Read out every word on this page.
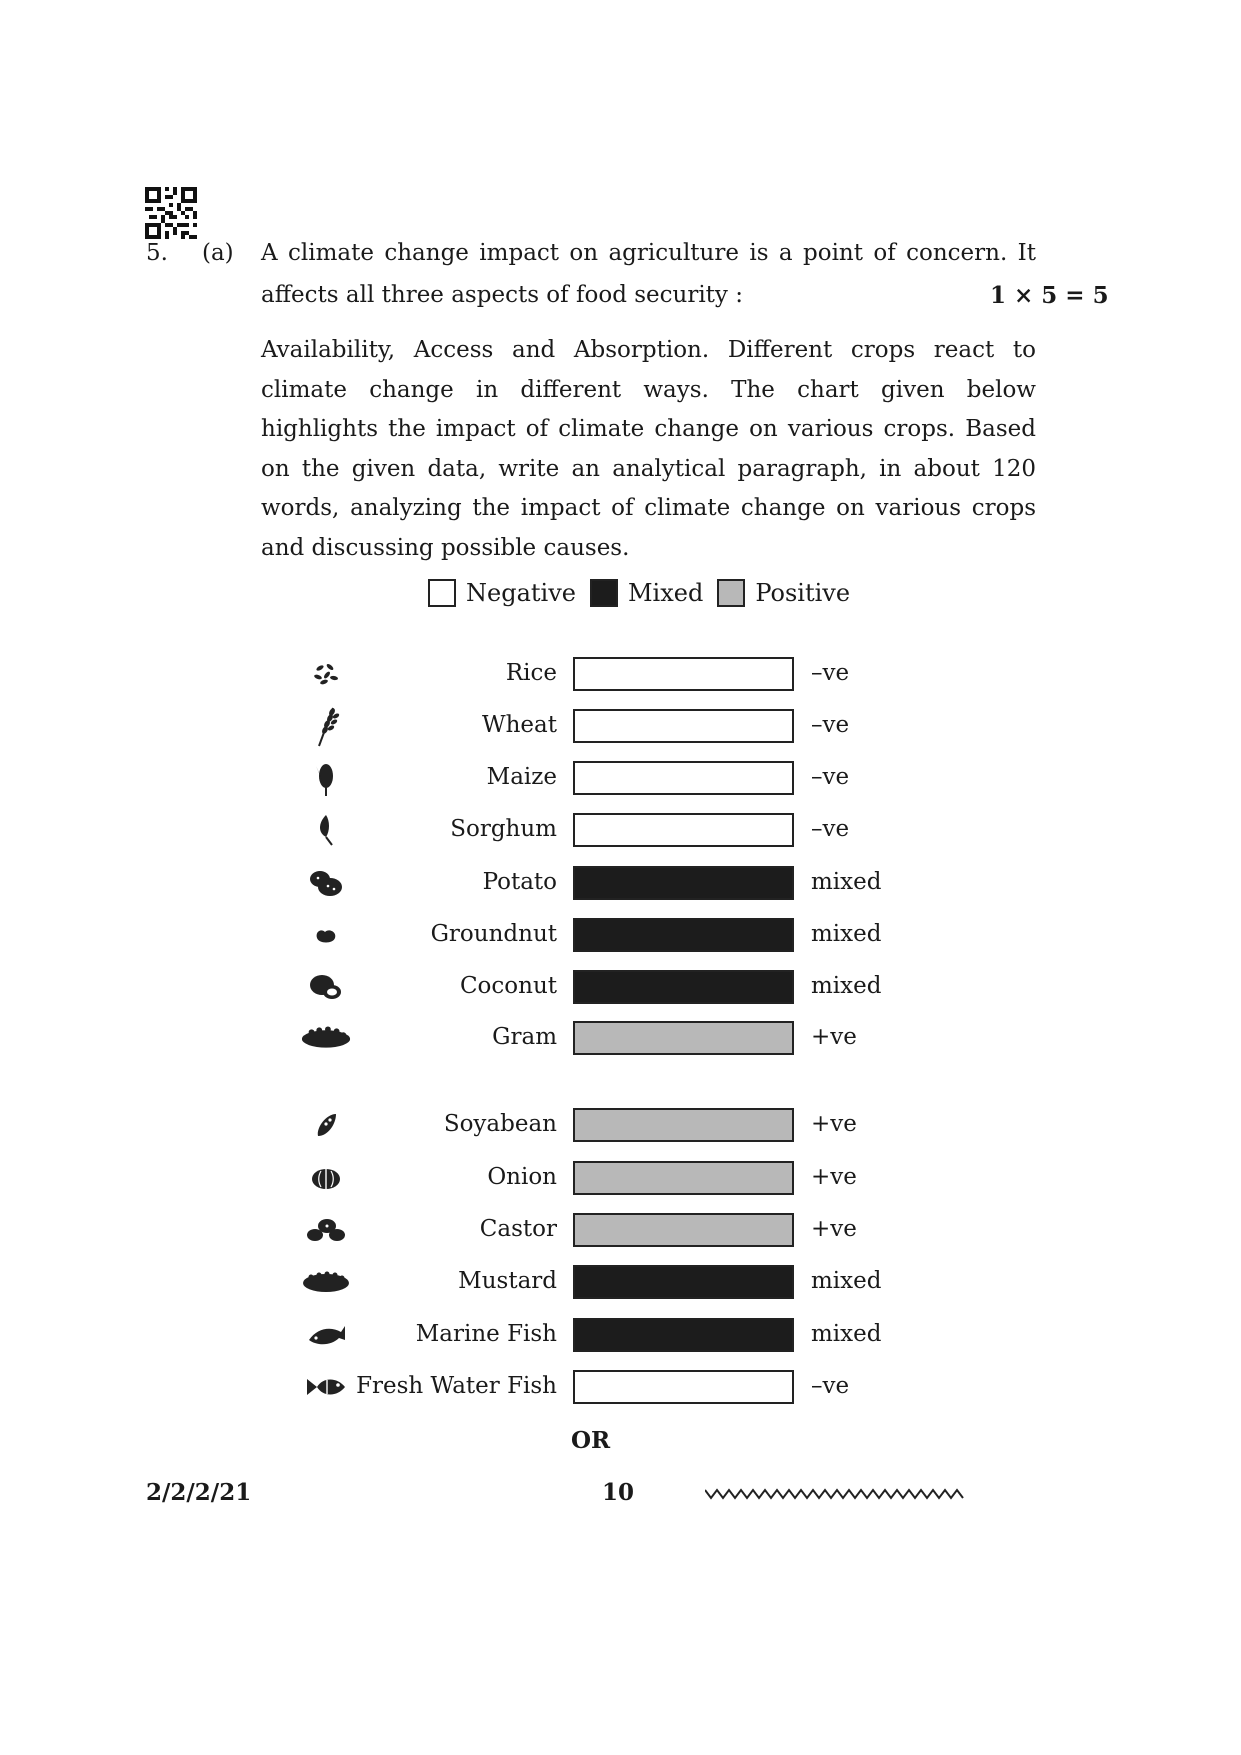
5. (a) A climate change impact on agriculture is a point of concern. It
affects all three aspects of food security :	1 × 5 = 5
Availability, Access and Absorption. Different crops react to climate change in different ways. The chart given below highlights the impact of climate change on various crops. Based on the given data, write an analytical paragraph, in about 120 words, analyzing the impact of climate change on various crops and discussing possible causes.
Negative Mixed Positive
Rice	–ve
Wheat	–ve
Maize	–ve
Sorghum	–ve
Potato	mixed
Groundnut	mixed
Coconut	mixed
Gram	+ve
Soyabean	+ve
Onion	+ve
Castor	+ve
Mustard	mixed
Marine Fish	mixed
Fresh Water Fish	–ve
OR
2/2/2/21	10
